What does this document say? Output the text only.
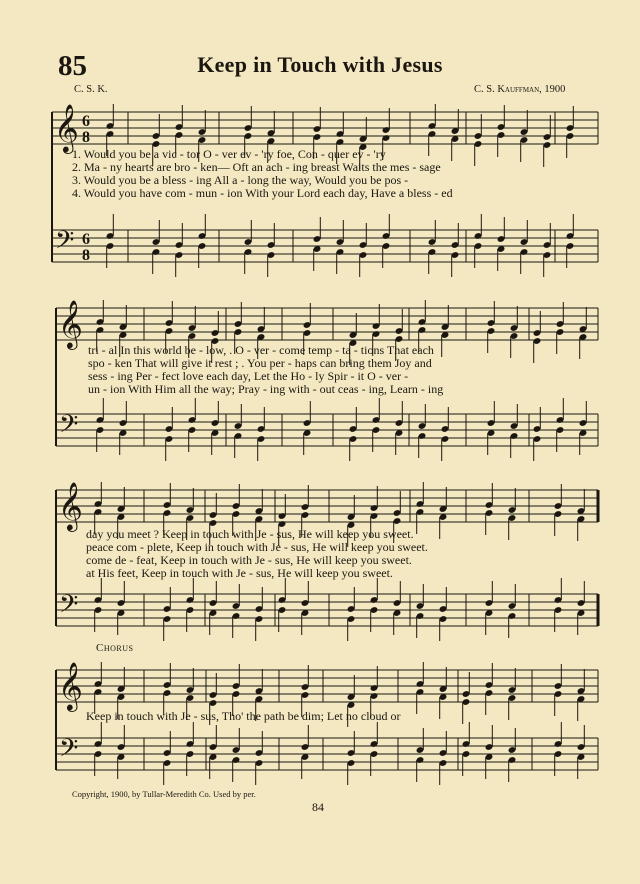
85	Keep in Touch with Jesus
C. S. K.	C. S. Kauffman, 1900
𝄞
𝄢
6
8
6
8
𝄞
𝄢
𝄞
𝄢
𝄞
𝄢
1. Would you be a vic - tor O - ver ev - 'ry foe, Con - quer ev - 'ry
2. Ma - ny hearts are bro - ken— Oft an ach - ing breast Waits the mes - sage
3. Would you be a bless - ing All a - long the way, Would you be pos -
4. Would you have com - mun - ion With your Lord each day, Have a bless - ed
tri - al In this world be - low, . O - ver - come temp - ta - tions That each
spo - ken That will give it rest ; . You per - haps can bring them Joy and
sess - ing Per - fect love each day, Let the Ho - ly Spir - it O - ver -
un - ion With Him all the way; Pray - ing with - out ceas - ing, Learn - ing
day you meet ? Keep in touch with Je - sus, He will keep you sweet.
peace com - plete, Keep in touch with Je - sus, He will keep you sweet.
come de - feat, Keep in touch with Je - sus, He will keep you sweet.
at His feet, Keep in touch with Je - sus, He will keep you sweet.
Chorus
Keep in touch with Je - sus, Tho' the path be dim; Let no cloud or
Copyright, 1900, by Tullar-Meredith Co. Used by per.
84
